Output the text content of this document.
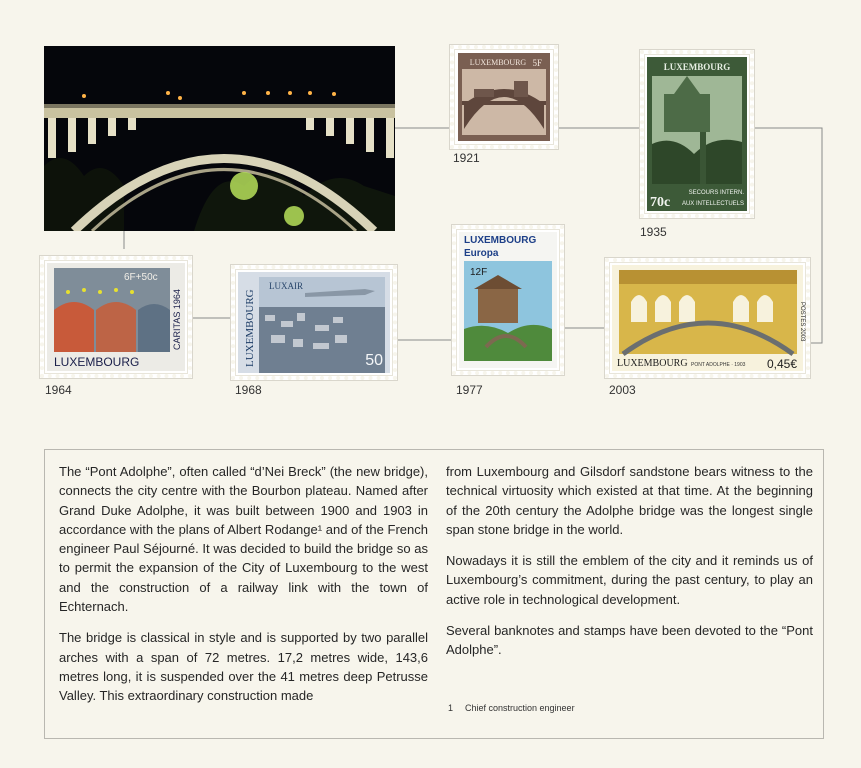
LUXEMBOURG 5F
1921
LUXEMBOURG
70c
SECOURS INTERN.
AUX INTELLECTUELS
1935
6F+50c
LUXEMBOURG
CARITAS 1964
1964
LUXAIR
LUXEMBOURG	50
1968
LUXEMBOURG
Europa
12F
1977
LUXEMBOURG PONT ADOLPHE · 1903 0,45€
POSTES 2003
2003

The “Pont Adolphe”, often called “d’Nei Breck” (the new bridge), connects the city centre with the Bourbon plateau. Named after Grand Duke Adolphe, it was built between 1900 and 1903 in accordance with the plans of Albert Rodange¹ and of the French engineer Paul Séjourné. It was decided to build the bridge so as to permit the expansion of the City of Luxembourg to the west and the construction of a railway link with the town of Echternach.

The bridge is classical in style and is supported by two parallel arches with a span of 72 metres. 17,2 metres wide, 143,6 metres long, it is suspended over the 41 metres deep Petrusse Valley. This extraordinary construction made

from Luxembourg and Gilsdorf sandstone bears witness to the technical virtuosity which existed at that time. At the beginning of the 20th century the Adolphe bridge was the longest single span stone bridge in the world.

Nowadays it is still the emblem of the city and it reminds us of Luxembourg’s commitment, during the past century, to play an active role in technological development.

Several banknotes and stamps have been devoted to the “Pont Adolphe”.

1 Chief construction engineer
